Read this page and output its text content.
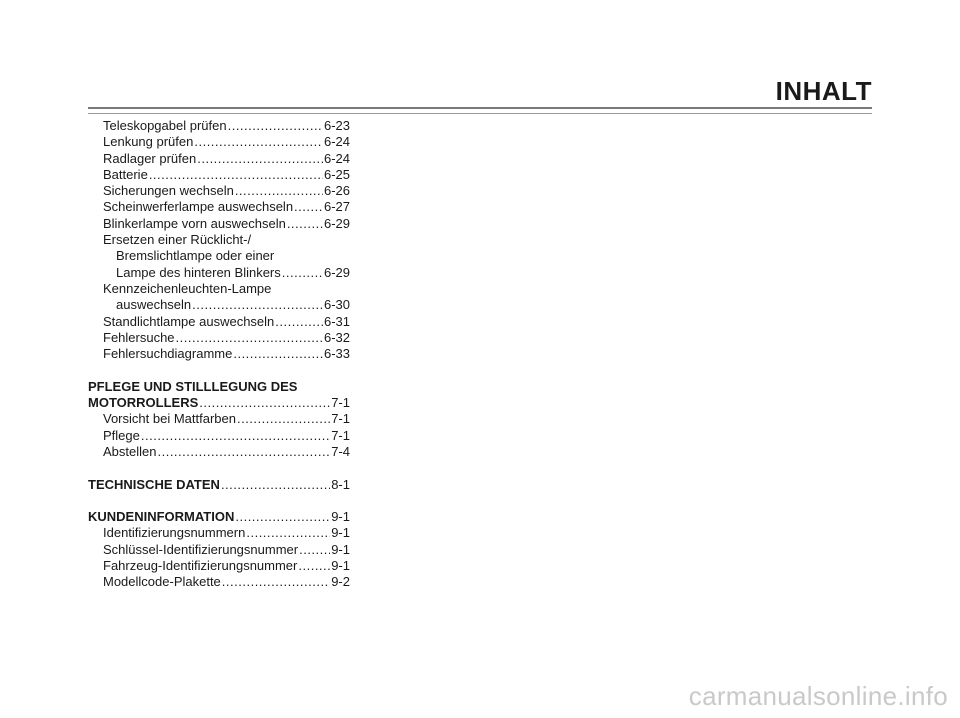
INHALT
Teleskopgabel prüfen .....	6-23
Lenkung prüfen .....	6-24
Radlager prüfen .....	6-24
Batterie .....	6-25
Sicherungen wechseln .....	6-26
Scheinwerferlampe auswechseln ..... 6-27
Blinkerlampe vorn auswechseln .....	6-29
Ersetzen einer Rücklicht-/
Bremslichtlampe oder einer
Lampe des hinteren Blinkers .....	6-29
Kennzeichenleuchten-Lampe
auswechseln .....	6-30
Standlichtlampe auswechseln .....	6-31
Fehlersuche .....	6-32
Fehlersuchdiagramme .....	6-33
PFLEGE UND STILLLEGUNG DES
MOTORROLLERS .....	7-1
Vorsicht bei Mattfarben .....	7-1
Pflege .....	7-1
Abstellen .....	7-4
TECHNISCHE DATEN .....	8-1
KUNDENINFORMATION .....	9-1
Identifizierungsnummern .....	9-1
Schlüssel-Identifizierungsnummer .....	9-1
Fahrzeug-Identifizierungsnummer .....	9-1
Modellcode-Plakette .....	9-2
carmanualsonline.info
